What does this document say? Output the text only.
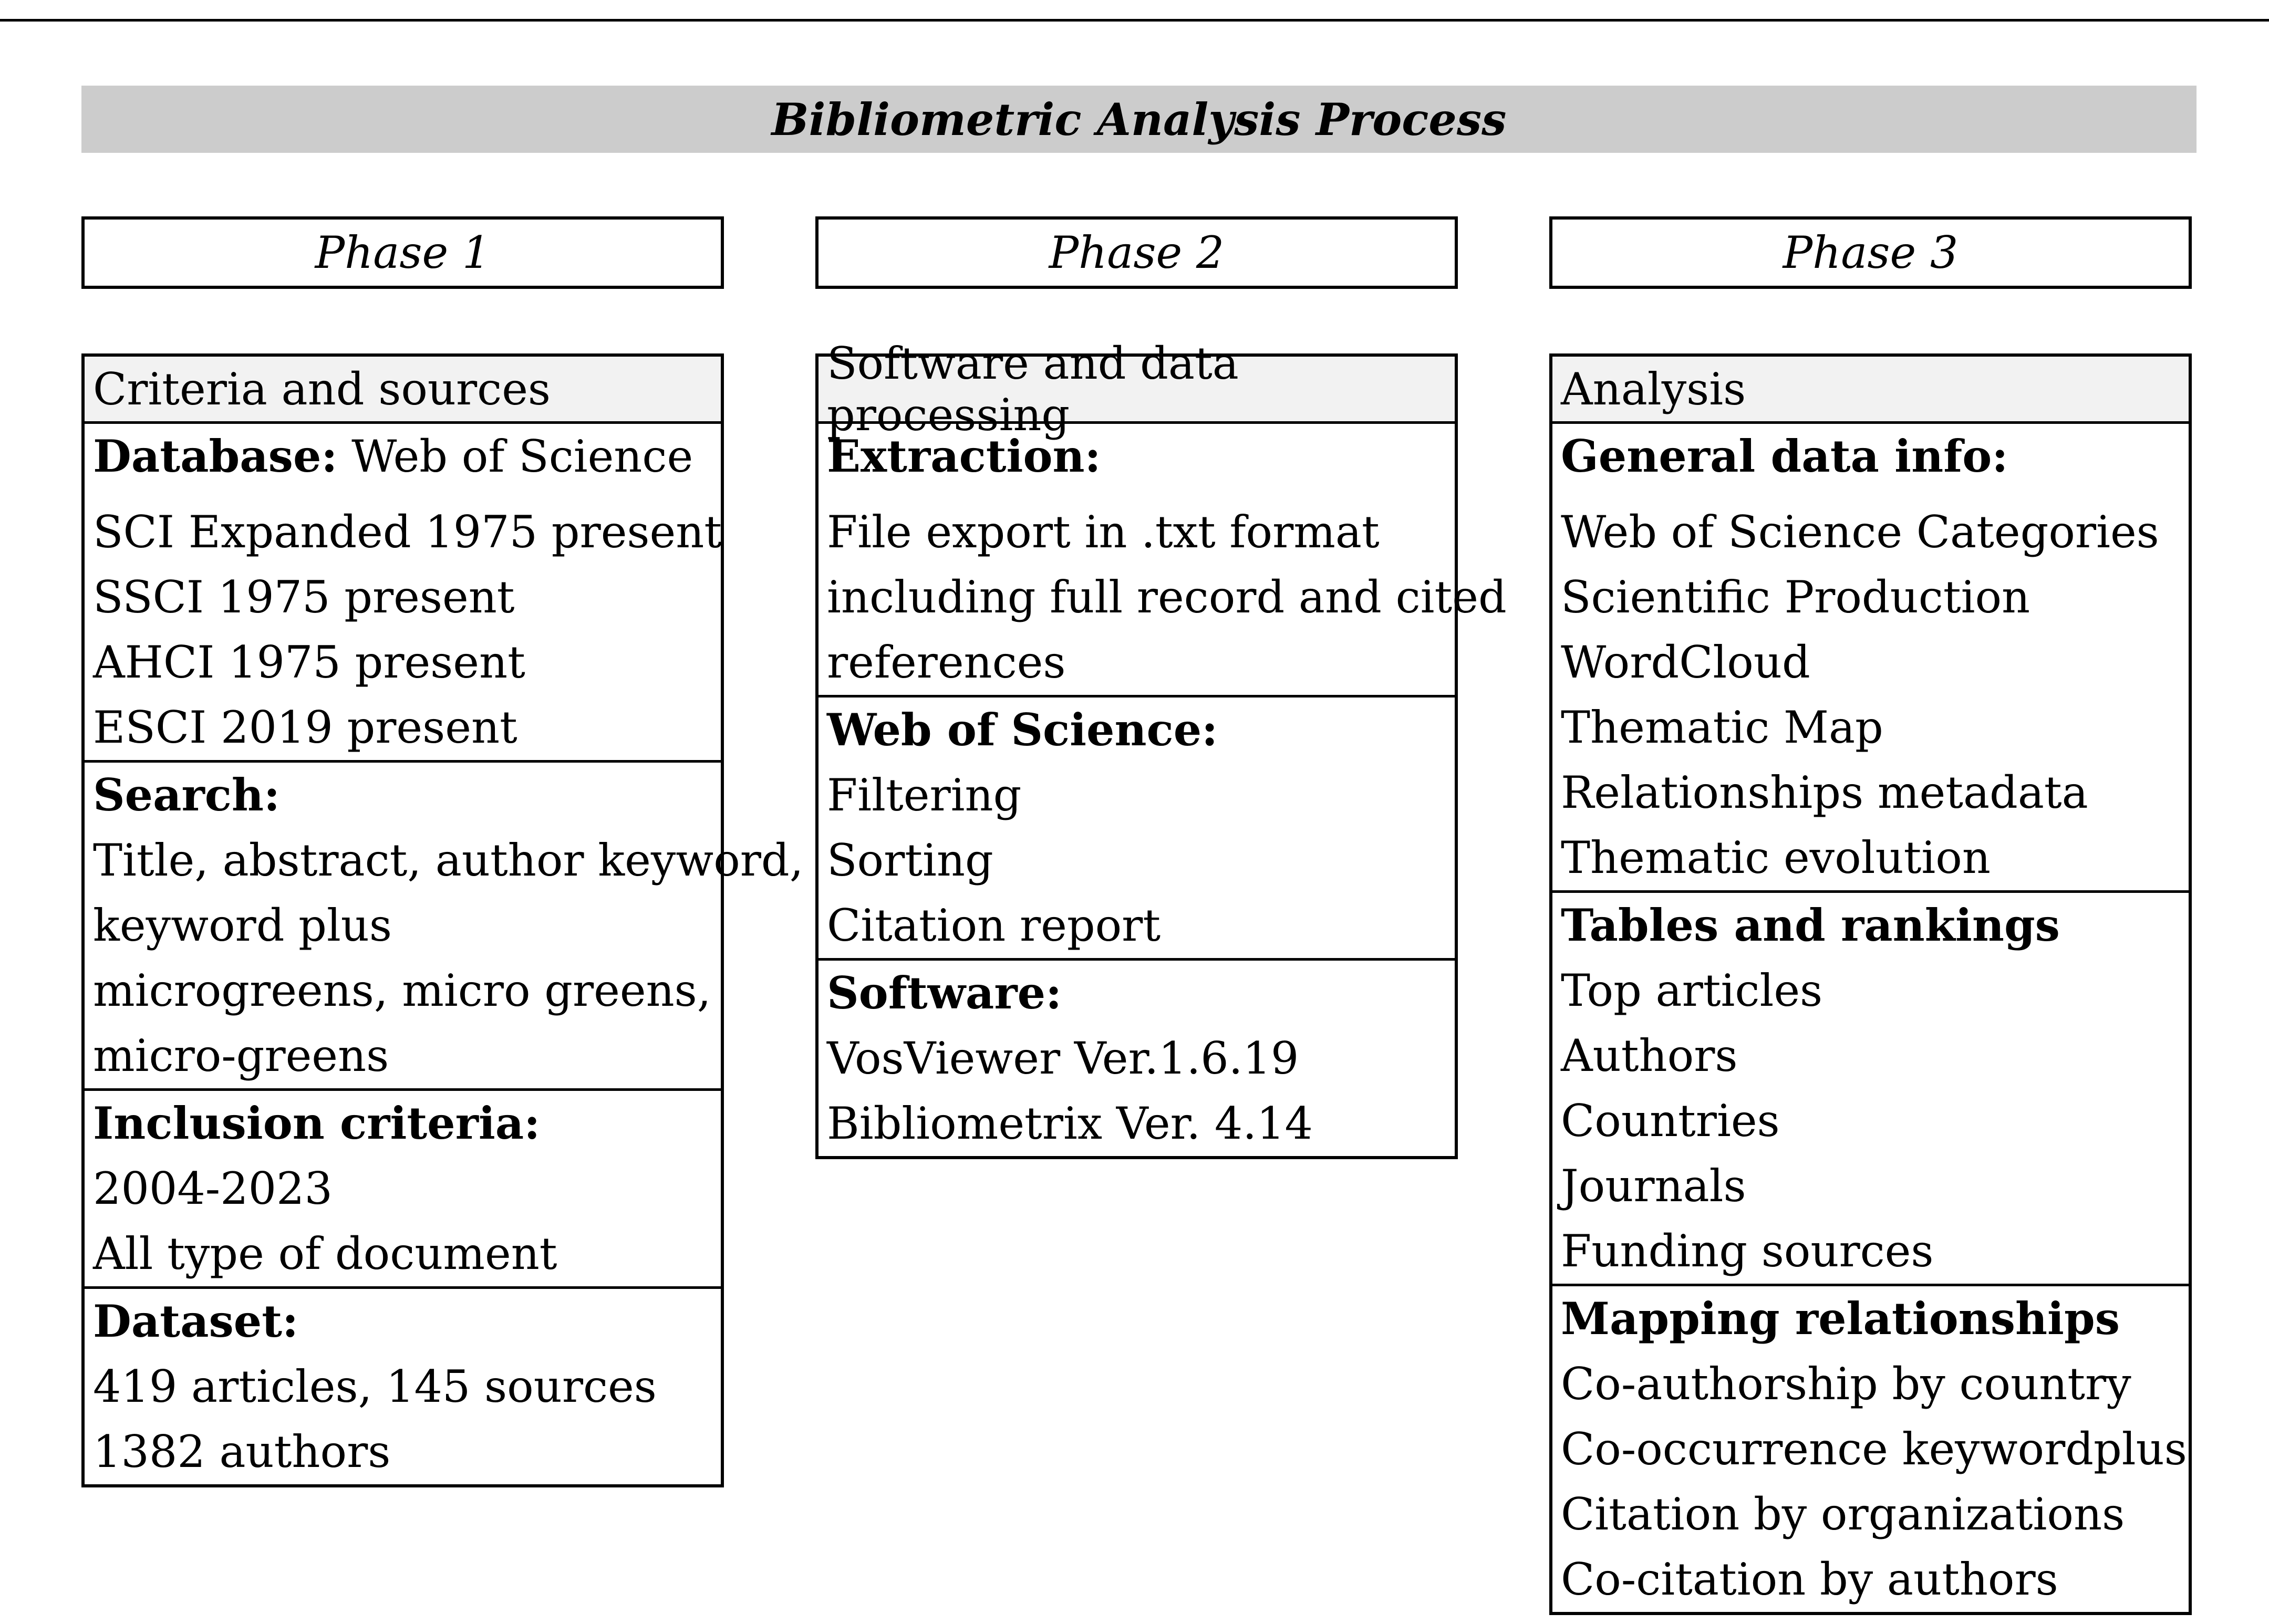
Bibliometric Analysis Process
Phase 1	Phase 2	Phase 3
Criteria and sources
Database: Web of Science
SCI Expanded 1975 present
SSCI 1975 present
AHCI 1975 present
ESCI 2019 present
Search:
Title, abstract, author keyword,
keyword plus
microgreens, micro greens,
micro-greens
Inclusion criteria:
2004-2023
All type of document
Dataset:
419 articles, 145 sources
1382 authors
Software and data processing
Extraction:
File export in .txt format
including full record and cited
references
Web of Science:
Filtering
Sorting
Citation report
Software:
VosViewer Ver.1.6.19
Bibliometrix Ver. 4.14
Analysis
General data info:
Web of Science Categories
Scientific Production
WordCloud
Thematic Map
Relationships metadata
Thematic evolution
Tables and rankings
Top articles
Authors
Countries
Journals
Funding sources
Mapping relationships
Co-authorship by country
Co-occurrence keywordplus
Citation by organizations
Co-citation by authors
